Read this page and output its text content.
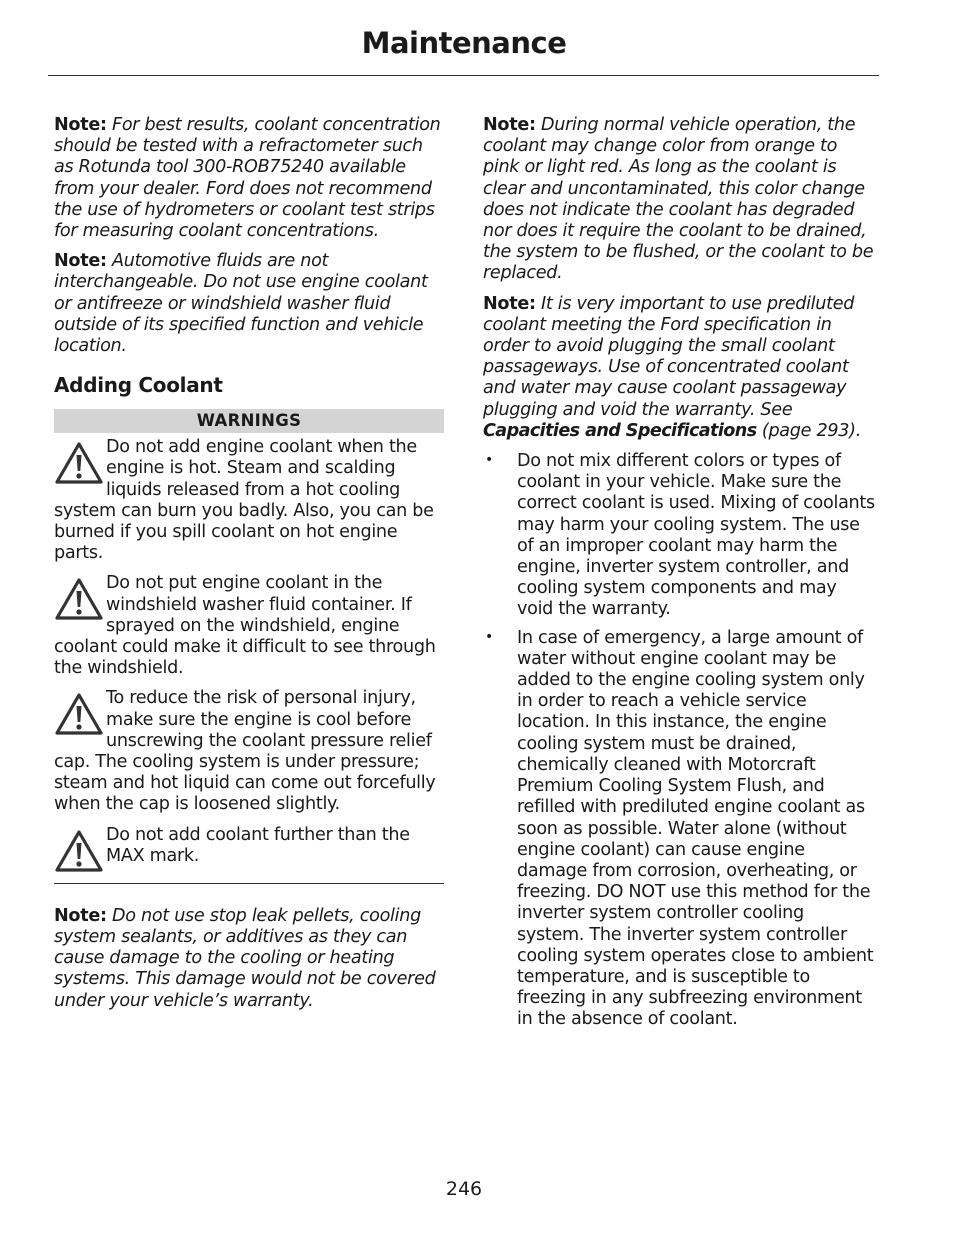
Maintenance

Note: For best results, coolant concentration should be tested with a refractometer such as Rotunda tool 300-ROB75240 available from your dealer. Ford does not recommend the use of hydrometers or coolant test strips for measuring coolant concentrations.

Note: Automotive fluids are not interchangeable. Do not use engine coolant or antifreeze or windshield washer fluid outside of its specified function and vehicle location.

Adding Coolant
WARNINGS

Do not add engine coolant when the engine is hot. Steam and scalding liquids released from a hot cooling system can burn you badly. Also, you can be burned if you spill coolant on hot engine parts.

Do not put engine coolant in the windshield washer fluid container. If sprayed on the windshield, engine coolant could make it difficult to see through the windshield.

To reduce the risk of personal injury, make sure the engine is cool before unscrewing the coolant pressure relief cap. The cooling system is under pressure; steam and hot liquid can come out forcefully when the cap is loosened slightly.

Do not add coolant further than the MAX mark.

Note: Do not use stop leak pellets, cooling system sealants, or additives as they can cause damage to the cooling or heating systems. This damage would not be covered under your vehicle’s warranty.

Note: During normal vehicle operation, the coolant may change color from orange to pink or light red. As long as the coolant is clear and uncontaminated, this color change does not indicate the coolant has degraded nor does it require the coolant to be drained, the system to be flushed, or the coolant to be replaced.

Note: It is very important to use prediluted coolant meeting the Ford specification in order to avoid plugging the small coolant passageways. Use of concentrated coolant and water may cause coolant passageway plugging and void the warranty. See Capacities and Specifications (page 293).

• Do not mix different colors or types of coolant in your vehicle. Make sure the correct coolant is used. Mixing of coolants may harm your cooling system. The use of an improper coolant may harm the engine, inverter system controller, and cooling system components and may void the warranty.

• In case of emergency, a large amount of water without engine coolant may be added to the engine cooling system only in order to reach a vehicle service location. In this instance, the engine cooling system must be drained, chemically cleaned with Motorcraft Premium Cooling System Flush, and refilled with prediluted engine coolant as soon as possible. Water alone (without engine coolant) can cause engine damage from corrosion, overheating, or freezing. DO NOT use this method for the inverter system controller cooling system. The inverter system controller cooling system operates close to ambient temperature, and is susceptible to freezing in any subfreezing environment in the absence of coolant.

246
